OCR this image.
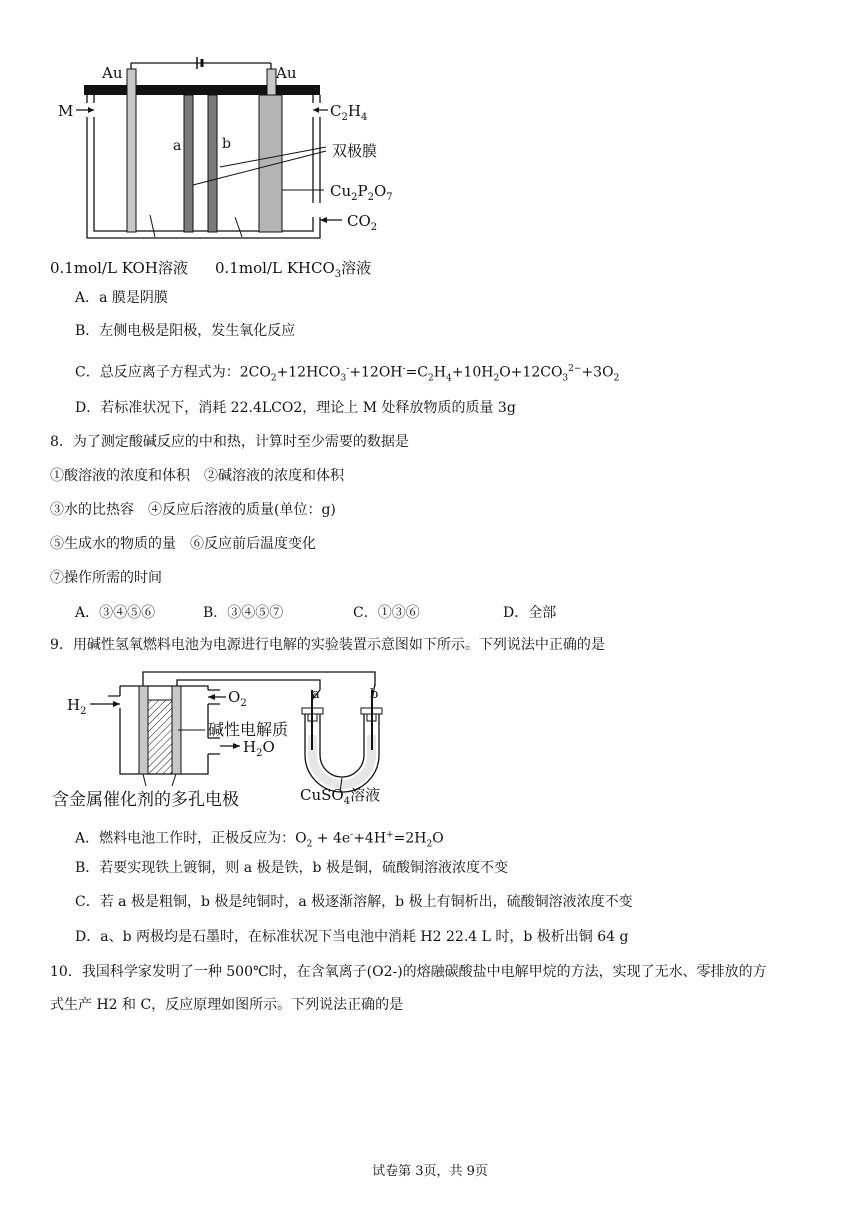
Au	Au
M	$C_2H_4$
a	b	双极膜
$Cu_2P_2O_7$
$CO_2$
0.1mol/L KOH溶液 0.1mol/L $KHCO_3$溶液
A．a 膜是阴膜
B．左侧电极是阳极，发生氧化反应
C．总反应离子方程式为：$2CO_2+12HCO_3^-+12OH^-=C_2H_4+10H_2O+12CO_3^{2-}+3O_2$
D．若标准状况下，消耗 22.4LCO2，理论上 M 处释放物质的质量 3g
8．为了测定酸碱反应的中和热，计算时至少需要的数据是
①酸溶液的浓度和体积　②碱溶液的浓度和体积
③水的比热容　④反应后溶液的质量(单位：g)
⑤生成水的物质的量　⑥反应前后温度变化
⑦操作所需的时间
A．③④⑤⑥	B．③④⑤⑦	C．①③⑥	D．全部
9．用碱性氢氧燃料电池为电源进行电解的实验装置示意图如下所示。下列说法中正确的是
$H_2$
$O_2$
$H_2O$
碱性电解质
a	b
含金属催化剂的多孔电极	CuSO$_4$溶液
A．燃料电池工作时，正极反应为：$O_2 + 4e^-+4H^+=2H_2O$
B．若要实现铁上镀铜，则 a 极是铁，b 极是铜，硫酸铜溶液浓度不变
C．若 a 极是粗铜，b 极是纯铜时，a 极逐渐溶解，b 极上有铜析出，硫酸铜溶液浓度不变
D．a、b 两极均是石墨时，在标准状况下当电池中消耗 H2 22.4 L 时，b 极析出铜 64 g
10．我国科学家发明了一种 500℃时，在含氧离子(O2-)的熔融碳酸盐中电解甲烷的方法，实现了无水、零排放的方
式生产 H2 和 C，反应原理如图所示。下列说法正确的是
试卷第 3页，共 9页
